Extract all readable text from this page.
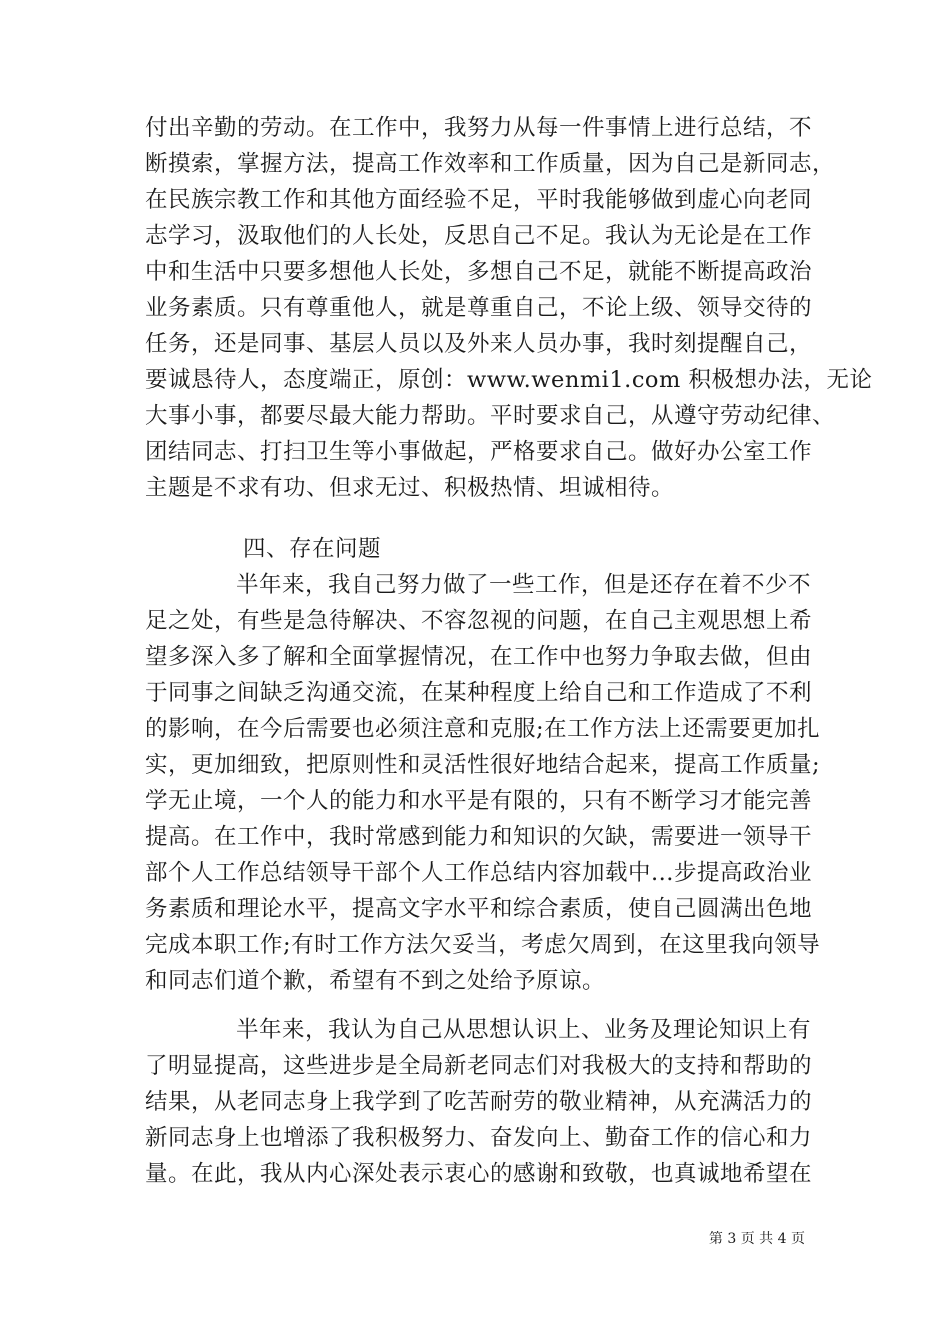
付出辛勤的劳动。在工作中，我努力从每一件事情上进行总结，不
断摸索，掌握方法，提高工作效率和工作质量，因为自己是新同志，
在民族宗教工作和其他方面经验不足，平时我能够做到虚心向老同
志学习，汲取他们的人长处，反思自己不足。我认为无论是在工作
中和生活中只要多想他人长处，多想自己不足，就能不断提高政治
业务素质。只有尊重他人，就是尊重自己，不论上级、领导交待的
任务，还是同事、基层人员以及外来人员办事，我时刻提醒自己，
要诚恳待人，态度端正，原创：www.wenmi1.com 积极想办法，无论
大事小事，都要尽最大能力帮助。平时要求自己，从遵守劳动纪律、
团结同志、打扫卫生等小事做起，严格要求自己。做好办公室工作
主题是不求有功、但求无过、积极热情、坦诚相待。
四、存在问题
半年来，我自己努力做了一些工作，但是还存在着不少不
足之处，有些是急待解决、不容忽视的问题，在自己主观思想上希
望多深入多了解和全面掌握情况，在工作中也努力争取去做，但由
于同事之间缺乏沟通交流，在某种程度上给自己和工作造成了不利
的影响，在今后需要也必须注意和克服;在工作方法上还需要更加扎
实，更加细致，把原则性和灵活性很好地结合起来，提高工作质量;
学无止境，一个人的能力和水平是有限的，只有不断学习才能完善
提高。在工作中，我时常感到能力和知识的欠缺，需要进一领导干
部个人工作总结领导干部个人工作总结内容加载中...步提高政治业
务素质和理论水平，提高文字水平和综合素质，使自己圆满出色地
完成本职工作;有时工作方法欠妥当，考虑欠周到，在这里我向领导
和同志们道个歉，希望有不到之处给予原谅。
半年来，我认为自己从思想认识上、业务及理论知识上有
了明显提高，这些进步是全局新老同志们对我极大的支持和帮助的
结果，从老同志身上我学到了吃苦耐劳的敬业精神，从充满活力的
新同志身上也增添了我积极努力、奋发向上、勤奋工作的信心和力
量。在此，我从内心深处表示衷心的感谢和致敬，也真诚地希望在
第 3 页 共 4 页
